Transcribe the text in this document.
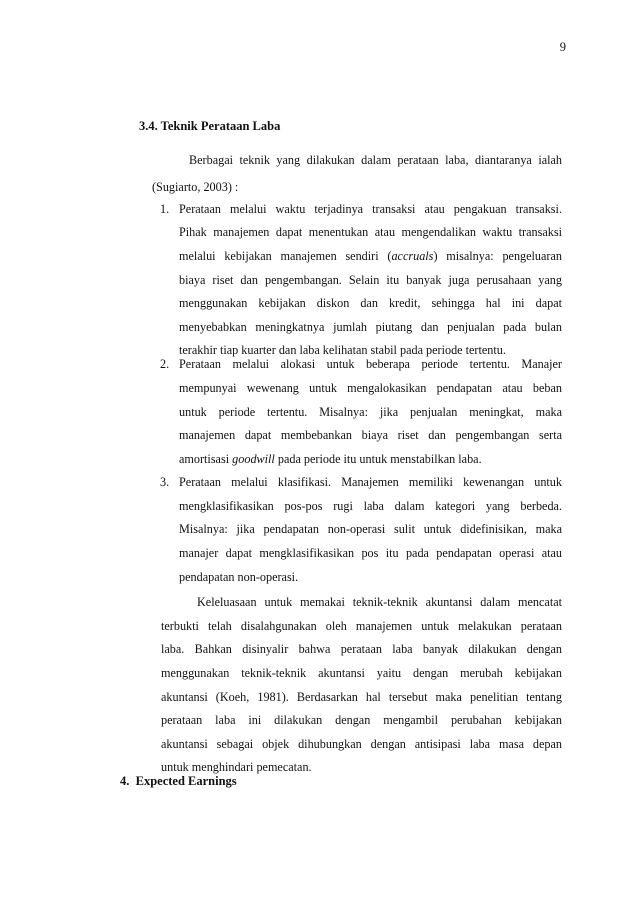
9
3.4. Teknik Perataan Laba
Berbagai teknik yang dilakukan dalam perataan laba, diantaranya ialah
(Sugiarto, 2003) :
1. Perataan melalui waktu terjadinya transaksi atau pengakuan transaksi.
Pihak manajemen dapat menentukan atau mengendalikan waktu transaksi
melalui kebijakan manajemen sendiri (accruals) misalnya: pengeluaran
biaya riset dan pengembangan. Selain itu banyak juga perusahaan yang
menggunakan kebijakan diskon dan kredit, sehingga hal ini dapat
menyebabkan meningkatnya jumlah piutang dan penjualan pada bulan
terakhir tiap kuarter dan laba kelihatan stabil pada periode tertentu.
2. Perataan melalui alokasi untuk beberapa periode tertentu. Manajer
mempunyai wewenang untuk mengalokasikan pendapatan atau beban
untuk periode tertentu. Misalnya: jika penjualan meningkat, maka
manajemen dapat membebankan biaya riset dan pengembangan serta
amortisasi goodwill pada periode itu untuk menstabilkan laba.
3. Perataan melalui klasifikasi. Manajemen memiliki kewenangan untuk
mengklasifikasikan pos-pos rugi laba dalam kategori yang berbeda.
Misalnya: jika pendapatan non-operasi sulit untuk didefinisikan, maka
manajer dapat mengklasifikasikan pos itu pada pendapatan operasi atau
pendapatan non-operasi.
Keleluasaan untuk memakai teknik-teknik akuntansi dalam mencatat
terbukti telah disalahgunakan oleh manajemen untuk melakukan perataan
laba. Bahkan disinyalir bahwa perataan laba banyak dilakukan dengan
menggunakan teknik-teknik akuntansi yaitu dengan merubah kebijakan
akuntansi (Koeh, 1981). Berdasarkan hal tersebut maka penelitian tentang
perataan laba ini dilakukan dengan mengambil perubahan kebijakan
akuntansi sebagai objek dihubungkan dengan antisipasi laba masa depan
untuk menghindari pemecatan.
4.  Expected Earnings
